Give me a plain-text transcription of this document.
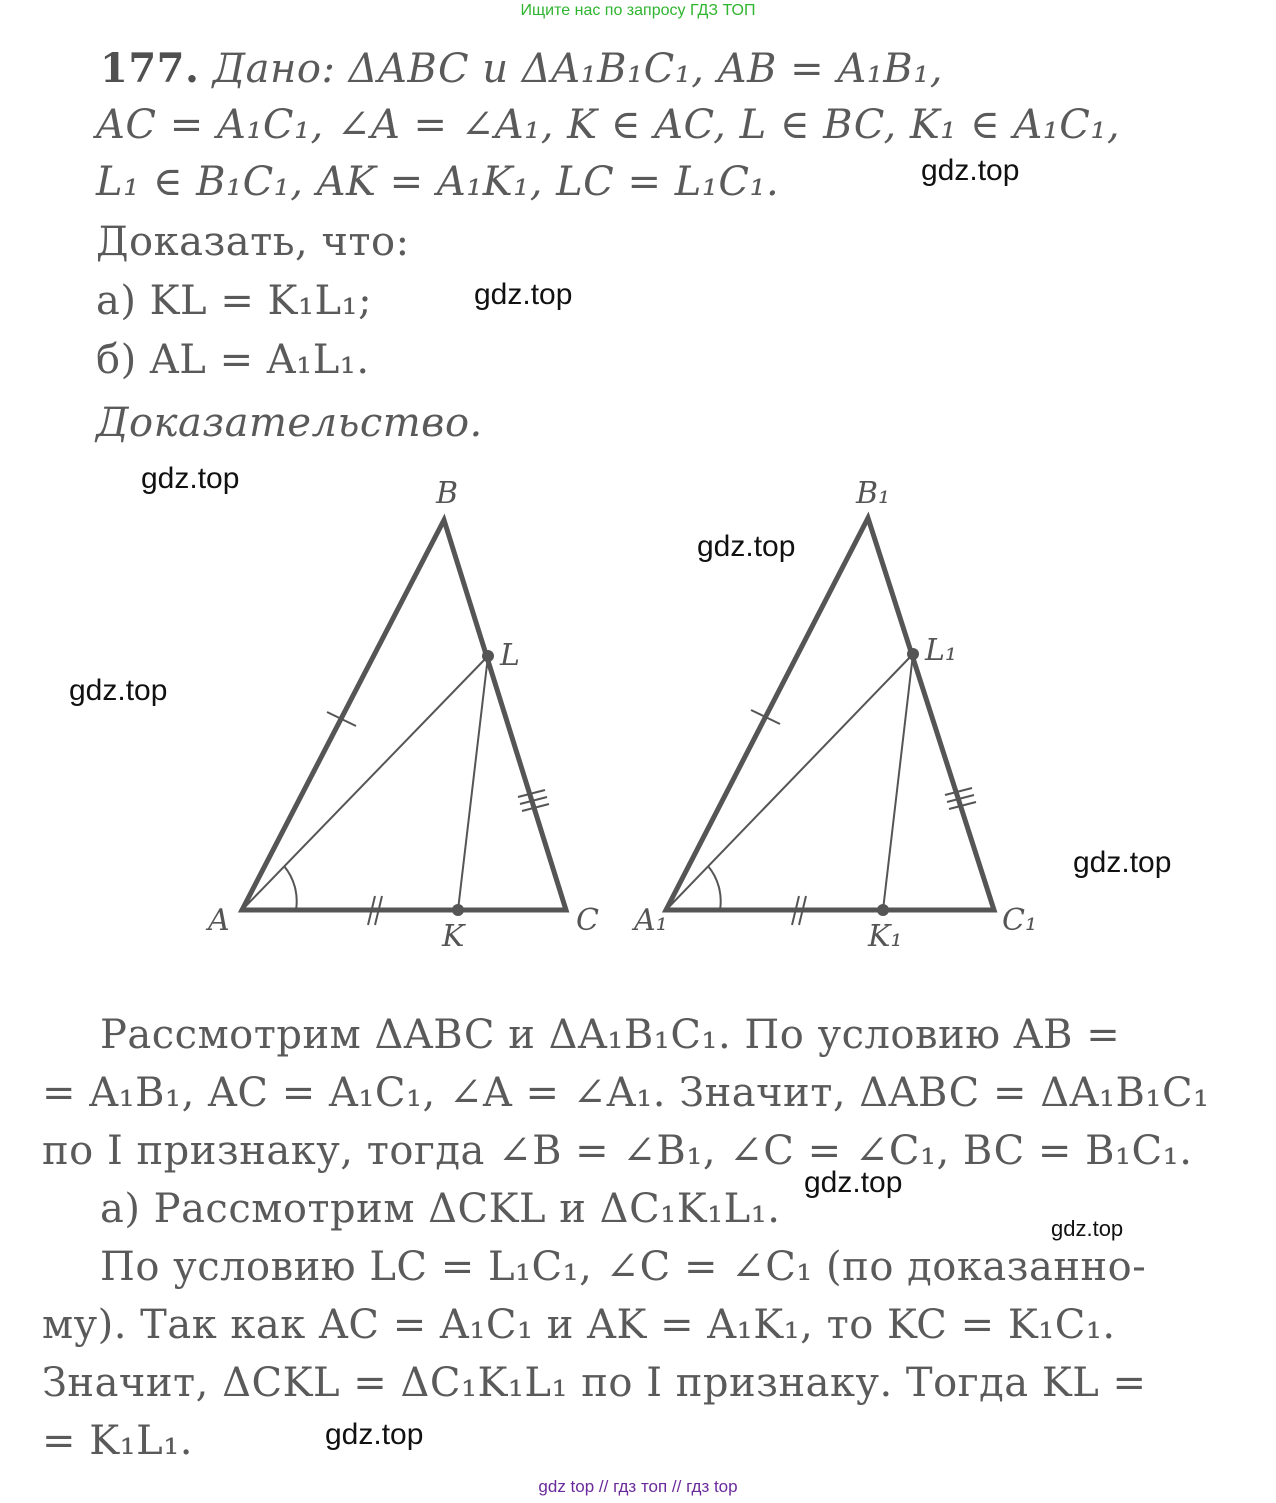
Ищите нас по запросу ГДЗ ТОП
177. Дано: ΔABC и ΔA₁B₁C₁, AB = A₁B₁,
AC = A₁C₁, ∠A = ∠A₁, K ∈ AC, L ∈ BC, K₁ ∈ A₁C₁,
L₁ ∈ B₁C₁, AK = A₁K₁, LC = L₁C₁.
Доказать, что:
а) KL = K₁L₁;
б) AL = A₁L₁.
Доказательство.
B
L
A	K	C
B₁
L₁
A₁	K₁	C₁
Рассмотрим ΔABC и ΔA₁B₁C₁. По условию AB =
= A₁B₁, AC = A₁C₁, ∠A = ∠A₁. Значит, ΔABC = ΔA₁B₁C₁
по I признаку, тогда ∠B = ∠B₁, ∠C = ∠C₁, BC = B₁C₁.
а) Рассмотрим ΔCKL и ΔC₁K₁L₁.
По условию LC = L₁C₁, ∠C = ∠C₁ (по доказанно-
му). Так как AC = A₁C₁ и AK = A₁K₁, то KC = K₁C₁.
Значит, ΔCKL = ΔC₁K₁L₁ по I признаку. Тогда KL =
= K₁L₁.
gdz.top
gdz.top
gdz.top
gdz.top
gdz.top
gdz.top
gdz.top
gdz.top
gdz.top
gdz top // гдз топ // гдз top
